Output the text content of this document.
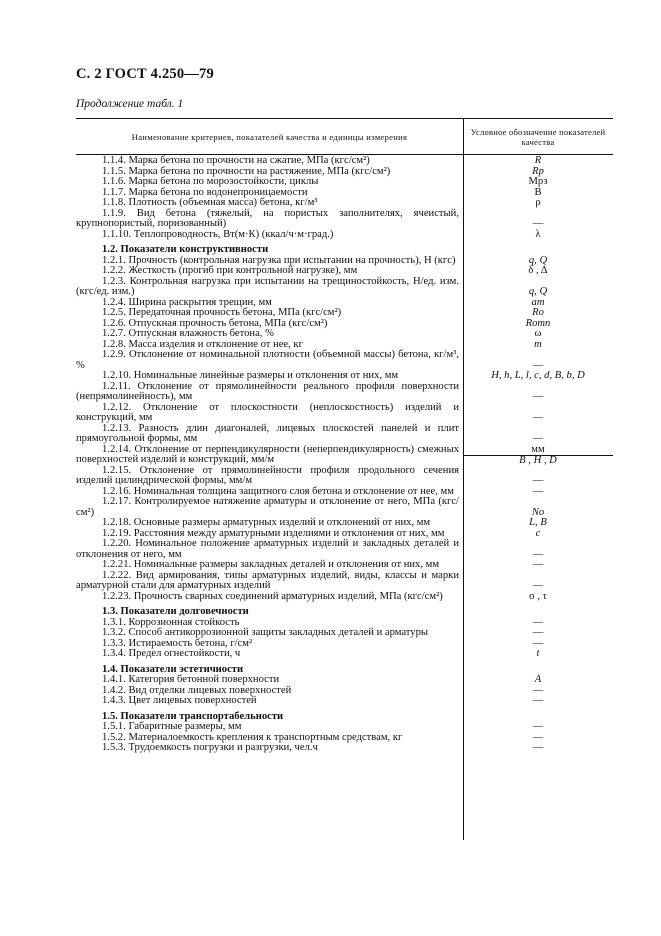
С. 2 ГОСТ 4.250—79
Продолжение табл. 1
Наименование критериев, показателей качества и единицы измерения	Условное обозначение показателей качества
1.1.4. Марка бетона по прочности на сжатие, МПа (кгс/см²)	R
1.1.5. Марка бетона по прочности на растяжение, МПа (кгс/см²)	Rp
1.1.6. Марка бетона по морозостойкости, циклы	Мрз
1.1.7. Марка бетона по водонепроницаемости	В
1.1.8. Плотность (объемная масса) бетона, кг/м³	ρ
1.1.9. Вид бетона (тяжелый, на пористых заполнителях, ячеистый, крупнопористый, поризованный)	—
1.1.10. Теплопроводность, Вт(м·К) (ккал/ч·м·град.)	λ
1.2. Показатели конструктивности
1.2.1. Прочность (контрольная нагрузка при испытании на прочность), Н (кгс)	q, Q
1.2.2. Жесткость (прогиб при контрольной нагрузке), мм	δ , Δ
1.2.3. Контрольная нагрузка при испытании на трещиностойкость, Н/ед. изм. (кгс/ед. изм.)	q, Q
1.2.4. Ширина раскрытия трещин, мм	am
1.2.5. Передаточная прочность бетона, МПа (кгс/см²)	Ro
1.2.6. Отпускная прочность бетона, МПа (кгс/см²)	Rотп
1.2.7. Отпускная влажность бетона, %	ω
1.2.8. Масса изделия и отклонение от нее, кг	m
1.2.9. Отклонение от номинальной плотности (объемной массы) бетона, кг/м³, %	—
1.2.10. Номинальные линейные размеры и отклонения от них, мм	H, h, L, l, c, d, B, b, D
1.2.11. Отклонение от прямолинейности реального профиля поверхности (непрямолинейность), мм	—
1.2.12. Отклонение от плоскостности (неплоскостность) изделий и конструкций, мм	—
1.2.13. Разность длин диагоналей, лицевых плоскостей панелей и плит прямоугольной формы, мм	—
1.2.14. Отклонение от перпендикулярности (неперпендикулярность) смежных поверхностей изделий и конструкций, мм/м	$\frac{мм}{B , H , D}$
1.2.15. Отклонение от прямолинейности профиля продольного сечения изделий цилиндрической формы, мм/м	—
1.2.16. Номинальная толщина защитного слоя бетона и отклонение от нее, мм	—
1.2.17. Контролируемое натяжение арматуры и отклонение от него, МПа (кгс/см²)	No
1.2.18. Основные размеры арматурных изделий и отклонений от них, мм	L, B
1.2.19. Расстояния между арматурными изделиями и отклонения от них, мм	c
1.2.20. Номинальное положение арматурных изделий и закладных деталей и отклонения от него, мм	—
1.2.21. Номинальные размеры закладных деталей и отклонения от них, мм	—
1.2.22. Вид армирования, типы арматурных изделий, виды, классы и марки арматурной стали для арматурных изделий	—
1.2.23. Прочность сварных соединений арматурных изделий, МПа (кгс/см²)	σ , τ
1.3. Показатели долговечности
1.3.1. Коррозионная стойкость	—
1.3.2. Способ антикоррозионной защиты закладных деталей и арматуры	—
1.3.3. Истираемость бетона, г/см²	—
1.3.4. Предел огнестойкости, ч	t
1.4. Показатели эстетичности
1.4.1. Категория бетонной поверхности	A
1.4.2. Вид отделки лицевых поверхностей	—
1.4.3. Цвет лицевых поверхностей	—
1.5. Показатели транспортабельности
1.5.1. Габаритные размеры, мм	—
1.5.2. Материалоемкость крепления к транспортным средствам, кг	—
1.5.3. Трудоемкость погрузки и разгрузки, чел.ч	—
